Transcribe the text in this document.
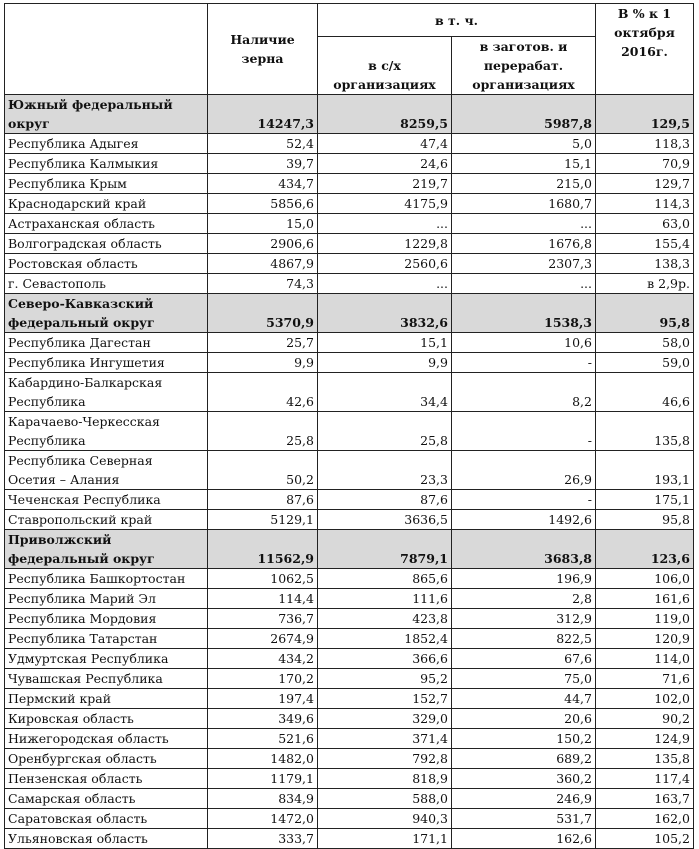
	Наличие зерна	в т. ч.		В % к 1 октября 2016г.
		в с/х организациях	в заготов. и перерабат. организациях	
Южный федеральный округ	14247,3	8259,5	5987,8	129,5
Республика Адыгея	52,4	47,4	5,0	118,3
Республика Калмыкия	39,7	24,6	15,1	70,9
Республика Крым	434,7	219,7	215,0	129,7
Краснодарский край	5856,6	4175,9	1680,7	114,3
Астраханская область	15,0	...	...	63,0
Волгоградская область	2906,6	1229,8	1676,8	155,4
Ростовская область	4867,9	2560,6	2307,3	138,3
г. Севастополь	74,3	...	...	в 2,9р.
Северо-Кавказский федеральный округ	5370,9	3832,6	1538,3	95,8
Республика Дагестан	25,7	15,1	10,6	58,0
Республика Ингушетия	9,9	9,9	-	59,0
Кабардино-Балкарская Республика	42,6	34,4	8,2	46,6
Карачаево-Черкесская Республика	25,8	25,8	-	135,8
Республика Северная Осетия – Алания	50,2	23,3	26,9	193,1
Чеченская Республика	87,6	87,6	-	175,1
Ставропольский край	5129,1	3636,5	1492,6	95,8
Приволжский федеральный округ	11562,9	7879,1	3683,8	123,6
Республика Башкортостан	1062,5	865,6	196,9	106,0
Республика Марий Эл	114,4	111,6	2,8	161,6
Республика Мордовия	736,7	423,8	312,9	119,0
Республика Татарстан	2674,9	1852,4	822,5	120,9
Удмуртская Республика	434,2	366,6	67,6	114,0
Чувашская Республика	170,2	95,2	75,0	71,6
Пермский край	197,4	152,7	44,7	102,0
Кировская область	349,6	329,0	20,6	90,2
Нижегородская область	521,6	371,4	150,2	124,9
Оренбургская область	1482,0	792,8	689,2	135,8
Пензенская область	1179,1	818,9	360,2	117,4
Самарская область	834,9	588,0	246,9	163,7
Саратовская область	1472,0	940,3	531,7	162,0
Ульяновская область	333,7	171,1	162,6	105,2
